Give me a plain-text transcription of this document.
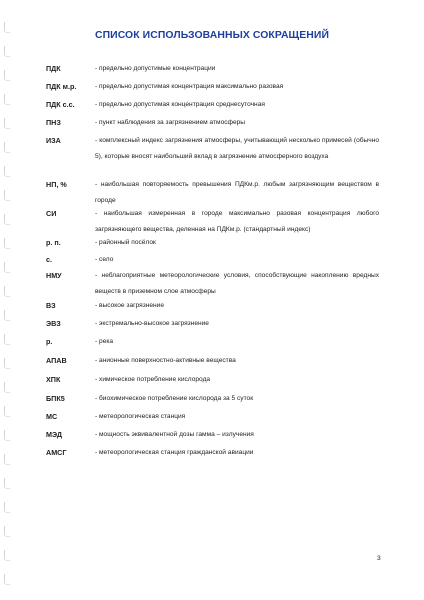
СПИСОК ИСПОЛЬЗОВАННЫХ СОКРАЩЕНИЙ
ПДК	- предельно допустимые концентрации
ПДК м.р.	- предельно допустимая концентрация максимально разовая
ПДК с.с.	- предельно допустимая концентрация среднесуточная
ПНЗ	- пункт наблюдения за загрязнением атмосферы
ИЗА	- комплексный индекс загрязнения атмосферы, учитывающий несколько примесей (обычно 5), которые вносят наибольший вклад в загрязнение атмосферного воздуха
НП, %	- наибольшая повторяемость превышения ПДКм.р. любым загрязняющим веществом в городе
СИ	- наибольшая измеренная в городе максимально разовая концентрация любого загрязняющего вещества, деленная на ПДКм.р. (стандартный индекс)
р. п.	- районный посёлок
с.	- село
НМУ	- неблагоприятные метеорологические условия, способствующие накоплению вредных веществ в приземном слое атмосферы
ВЗ	- высокое загрязнение
ЭВЗ	- экстремально-высокое загрязнение
р.	- река
АПАВ	- анионные поверхностно-активные вещества
ХПК	- химическое потребление кислорода
БПК5	- биохимическое потребление кислорода за 5 суток
МС	- метеорологическая станция
МЭД	- мощность эквивалентной дозы гамма – излучения
АМСГ	- метеорологическая станция гражданской авиации
3
